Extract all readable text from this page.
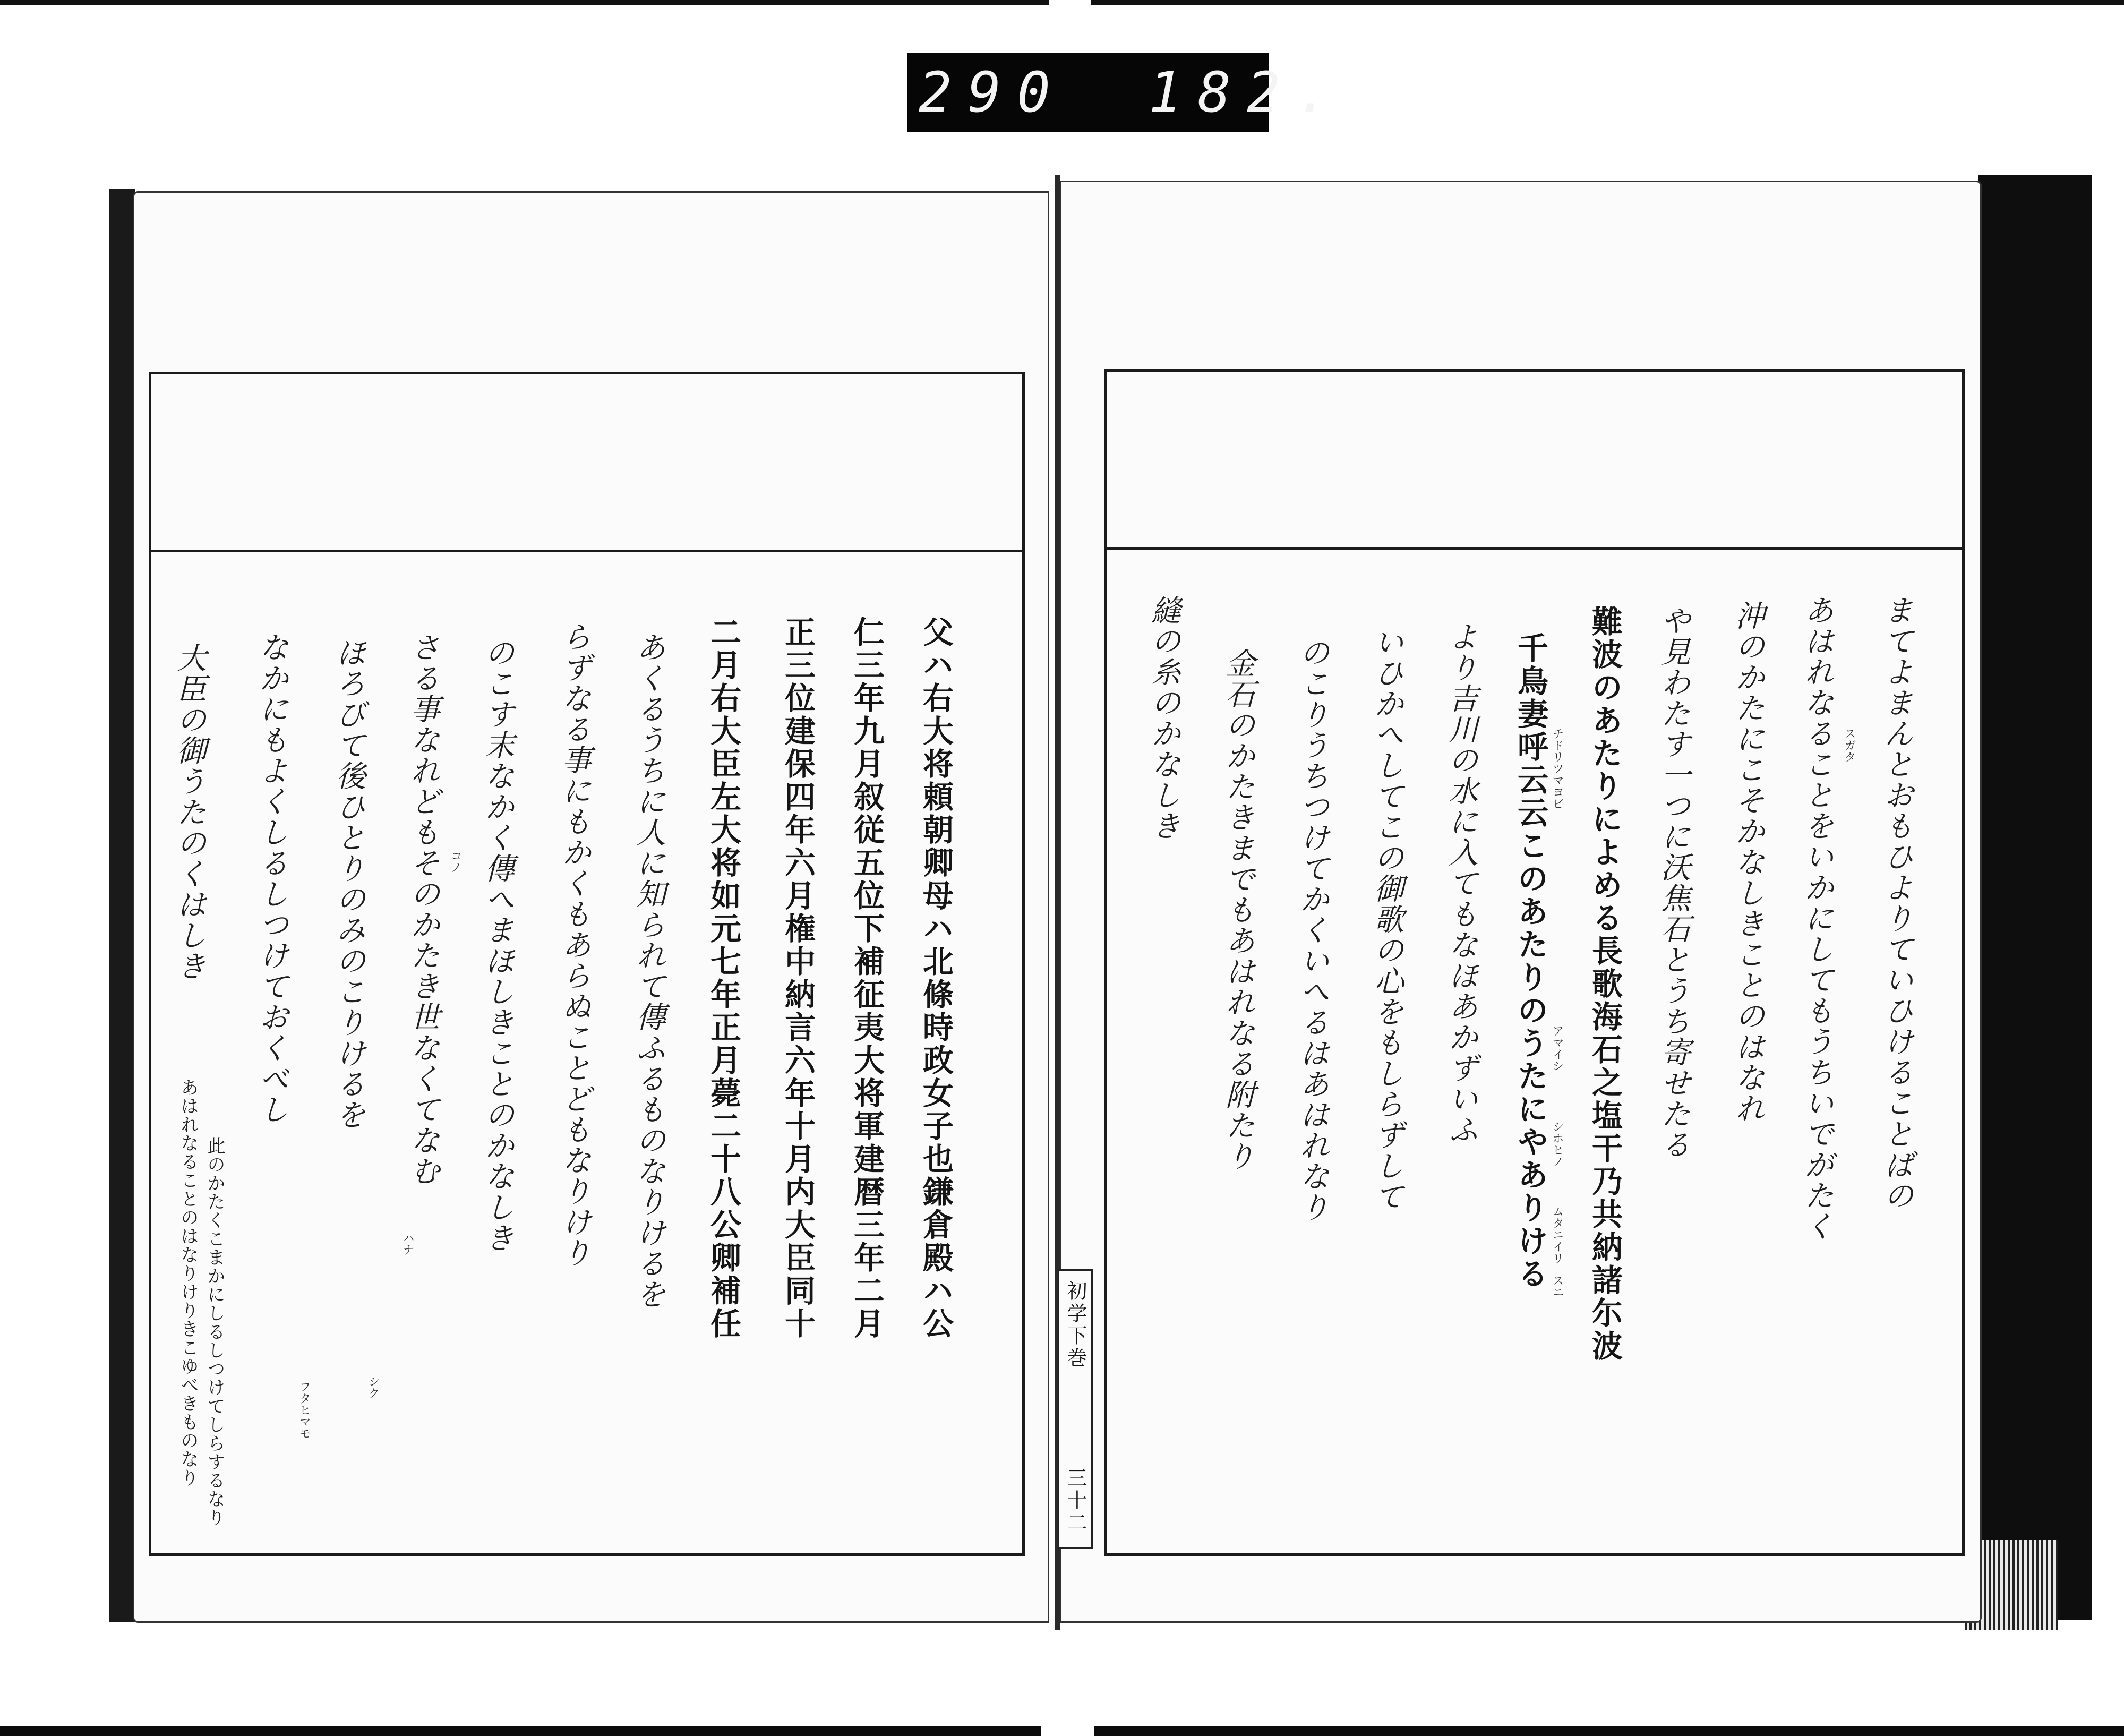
290 182.
父ハ右大将頼朝卿母ハ北條時政女子也鎌倉殿ハ公
仁三年九月叙従五位下補征夷大将軍建暦三年二月
正三位建保四年六月権中納言六年十月内大臣同十
二月右大臣左大将如元七年正月薨二十八公卿補任
あくるうちに人に知られて傳ふるものなりけるを
らずなる事にもかくもあらぬことどもなりけり
のこす末なかく傳へまほしきことのかなしき
さる事なれどもそのかたき世なくてなむ
ほろびて後ひとりのみのこりけるを
なかにもよくしるしつけておくべし
大臣の御うたのくはしき
此のかたくこまかにしるしつけてしらするなり
あはれなることのはなりけりきこゆべきものなり
コノ
ハナ
シク
フタヒマモ
まてよまんとおもひよりていひけることばの
あはれなることをいかにしてもうちいでがたく
沖のかたにこそかなしきことのはなれ
や見わたす一つに沃焦石とうち寄せたる
難波のあたりによめる長歌海石之塩干乃共納諸尓波
千鳥妻呼云云このあたりのうたにやありける
より吉川の水に入てもなほあかずいふ
いひかへしてこの御歌の心をもしらずして
のこりうちつけてかくいへるはあはれなり
金石のかたきまでもあはれなる附たり
縫の糸のかなしき	スガタ
チドリツマヨビ
アマイシ
シホヒノ
ムタニイリ
スニ
初学下巻
三十二
